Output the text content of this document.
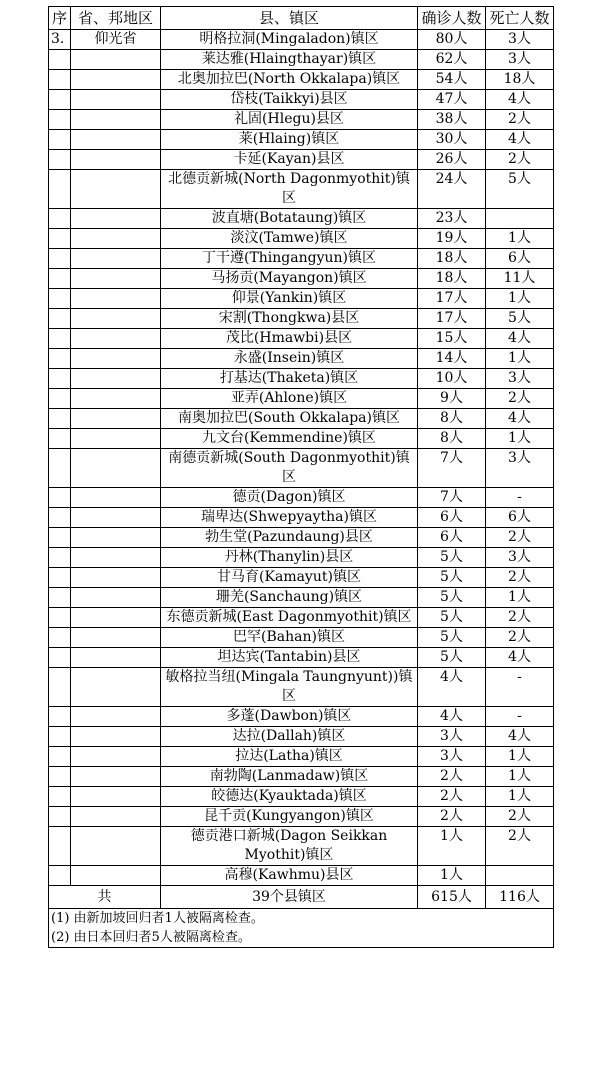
序	省、邦地区	县、镇区	确诊人数	死亡人数
3.	仰光省	明格拉洞(Mingaladon)镇区	80人	3人
		莱达雅(Hlaingthayar)镇区	62人	3人
		北奥加拉巴(North Okkalapa)镇区	54人	18人
		岱枝(Taikkyi)县区	47人	4人
		礼固(Hlegu)县区	38人	2人
		莱(Hlaing)镇区	30人	4人
		卡延(Kayan)县区	26人	2人
		北德贡新城(North Dagonmyothit)镇区	24人	5人
		波直塘(Botataung)镇区	23人	
		淡汶(Tamwe)镇区	19人	1人
		丁干遵(Thingangyun)镇区	18人	6人
		马扬贡(Mayangon)镇区	18人	11人
		仰景(Yankin)镇区	17人	1人
		宋割(Thongkwa)县区	17人	5人
		茂比(Hmawbi)县区	15人	4人
		永盛(Insein)镇区	14人	1人
		打基达(Thaketa)镇区	10人	3人
		亚弄(Ahlone)镇区	9人	2人
		南奥加拉巴(South Okkalapa)镇区	8人	4人
		九文台(Kemmendine)镇区	8人	1人
		南德贡新城(South Dagonmyothit)镇区	7人	3人
		德贡(Dagon)镇区	7人	-
		瑞卑达(Shwepyaytha)镇区	6人	6人
		勃生堂(Pazundaung)县区	6人	2人
		丹林(Thanylin)县区	5人	3人
		甘马育(Kamayut)镇区	5人	2人
		珊羌(Sanchaung)镇区	5人	1人
		东德贡新城(East Dagonmyothit)镇区	5人	2人
		巴罕(Bahan)镇区	5人	2人
		坦达宾(Tantabin)县区	5人	4人
		敏格拉当纽(Mingala Taungnyunt))镇区	4人	-
		多蓬(Dawbon)镇区	4人	-
		达拉(Dallah)镇区	3人	4人
		拉达(Latha)镇区	3人	1人
		南勃陶(Lanmadaw)镇区	2人	1人
		皎德达(Kyauktada)镇区	2人	1人
		昆千贡(Kungyangon)镇区	2人	2人
		德贡港口新城(Dagon Seikkan Myothit)镇区	1人	2人
		高穆(Kawhmu)县区	1人	
共		39个县镇区	615人	116人

(1) 由新加坡回归者1人被隔离检查。
(2) 由日本回归者5人被隔离检查。				
